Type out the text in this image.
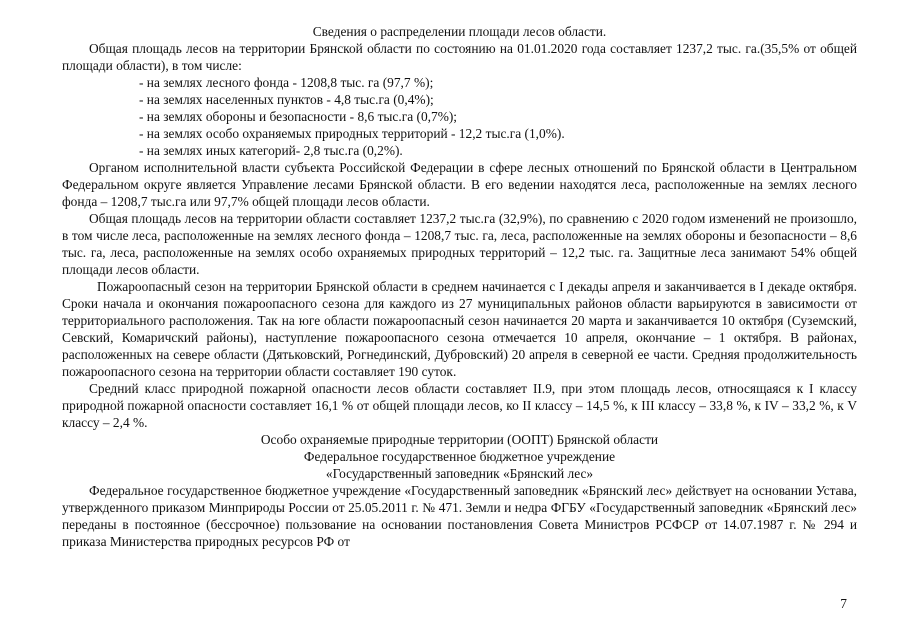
Сведения о распределении площади лесов области.

Общая площадь лесов на территории Брянской области по состоянию на 01.01.2020 года составляет 1237,2 тыс. га.(35,5% от общей площади области), в том числе:

- на землях лесного фонда - 1208,8 тыс. га (97,7 %);
- на землях населенных пунктов - 4,8 тыс.га (0,4%);
- на землях обороны и безопасности - 8,6 тыс.га (0,7%);
- на землях особо охраняемых природных территорий - 12,2 тыс.га (1,0%).
- на землях иных категорий- 2,8 тыс.га (0,2%).

Органом исполнительной власти субъекта Российской Федерации в сфере лесных отношений по Брянской области в Центральном Федеральном округе является Управление лесами Брянской области. В его ведении находятся леса, расположенные на землях лесного фонда – 1208,7 тыс.га или 97,7% общей площади лесов области.

Общая площадь лесов на территории области составляет 1237,2 тыс.га (32,9%), по сравнению с 2020 годом изменений не произошло, в том числе леса, расположенные на землях лесного фонда – 1208,7 тыс. га, леса, расположенные на землях обороны и безопасности – 8,6 тыс. га, леса, расположенные на землях особо охраняемых природных территорий – 12,2 тыс. га. Защитные леса занимают 54% общей площади лесов области.

Пожароопасный сезон на территории Брянской области в среднем начинается с I декады апреля и заканчивается в I декаде октября. Сроки начала и окончания пожароопасного сезона для каждого из 27 муниципальных районов области варьируются в зависимости от территориального расположения. Так на юге области пожароопасный сезон начинается 20 марта и заканчивается 10 октября (Суземский, Севский, Комаричский районы), наступление пожароопасного сезона отмечается 10 апреля, окончание – 1 октября. В районах, расположенных на севере области (Дятьковский, Рогнединский, Дубровский) 20 апреля в северной ее части. Средняя продолжительность пожароопасного сезона на территории области составляет 190 суток.

Средний класс природной пожарной опасности лесов области составляет II.9, при этом площадь лесов, относящаяся к I классу природной пожарной опасности составляет 16,1 % от общей площади лесов, ко II классу – 14,5 %, к III классу – 33,8 %, к IV – 33,2 %, к V классу – 2,4 %.

Особо охраняемые природные территории (ООПТ) Брянской области

Федеральное государственное бюджетное учреждение

«Государственный заповедник «Брянский лес»

Федеральное государственное бюджетное учреждение «Государственный заповедник «Брянский лес» действует на основании Устава, утвержденного приказом Минприроды России от 25.05.2011 г. № 471. Земли и недра ФГБУ «Государственный заповедник «Брянский лес» переданы в постоянное (бессрочное) пользование на основании постановления Совета Министров РСФСР от 14.07.1987 г. № 294 и приказа Министерства природных ресурсов РФ от

7
